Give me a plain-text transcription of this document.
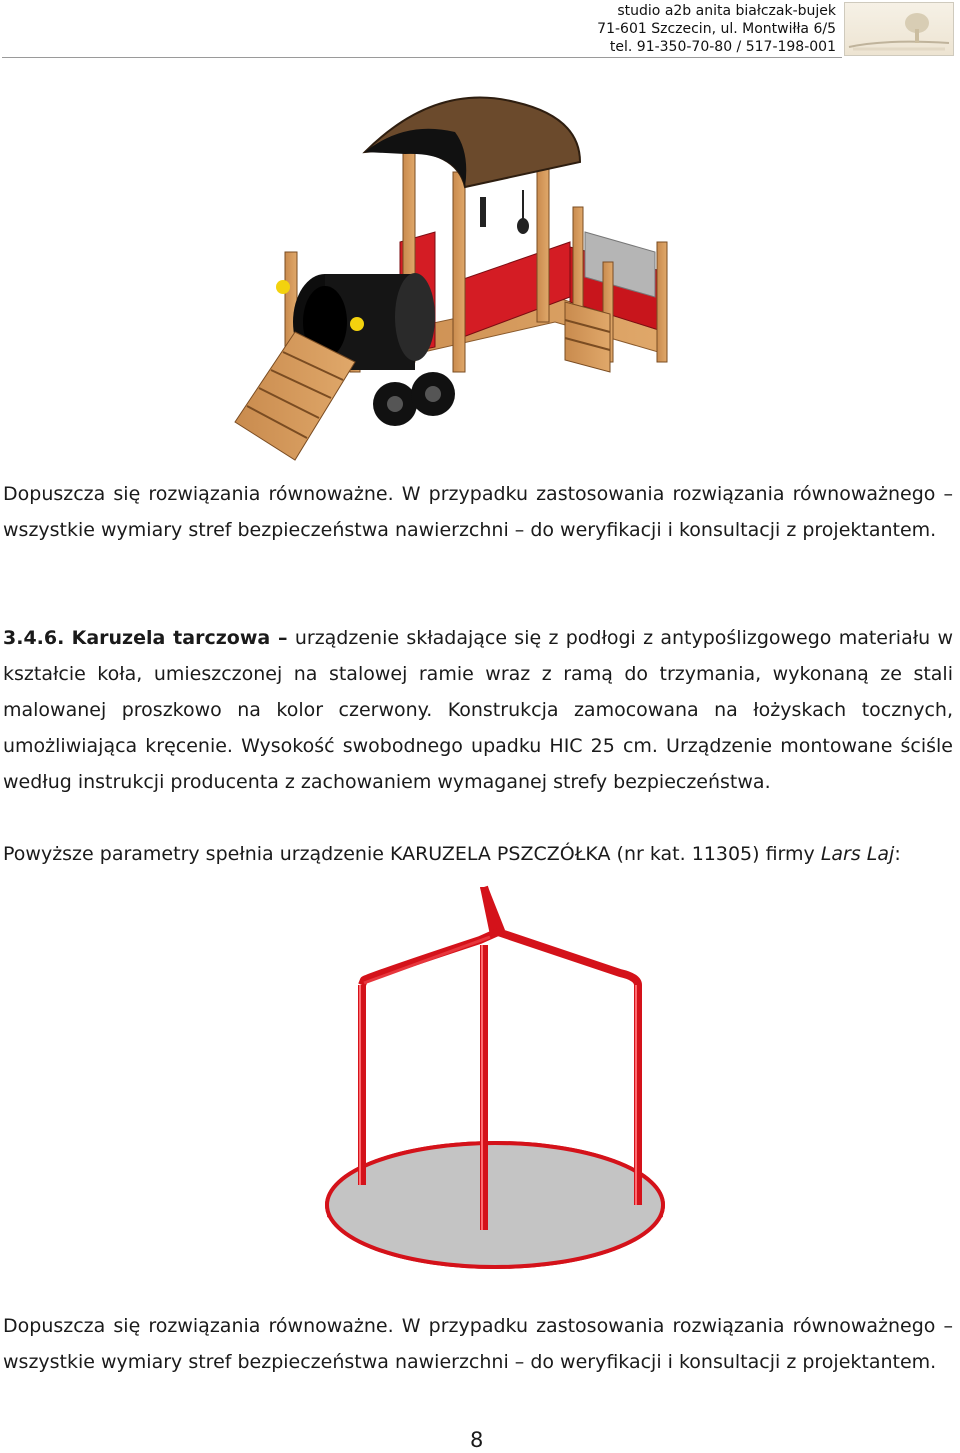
studio a2b anita białczak-bujek
71-601 Szczecin, ul. Montwiłła 6/5
tel. 91-350-70-80 / 517-198-001

Dopuszcza się rozwiązania równoważne. W przypadku zastosowania rozwiązania równoważnego – wszystkie wymiary stref bezpieczeństwa nawierzchni – do weryfikacji i konsultacji z projektantem.

3.4.6. Karuzela tarczowa – urządzenie składające się z podłogi z antypoślizgowego materiału w kształcie koła, umieszczonej na stalowej ramie wraz z ramą do trzymania, wykonaną ze stali malowanej proszkowo na kolor czerwony. Konstrukcja zamocowana na łożyskach tocznych, umożliwiająca kręcenie. Wysokość swobodnego upadku HIC 25 cm. Urządzenie montowane ściśle według instrukcji producenta z zachowaniem wymaganej strefy bezpieczeństwa.

Powyższe parametry spełnia urządzenie KARUZELA PSZCZÓŁKA (nr kat. 11305) firmy Lars Laj:

Dopuszcza się rozwiązania równoważne. W przypadku zastosowania rozwiązania równoważnego – wszystkie wymiary stref bezpieczeństwa nawierzchni – do weryfikacji i konsultacji z projektantem.

8
